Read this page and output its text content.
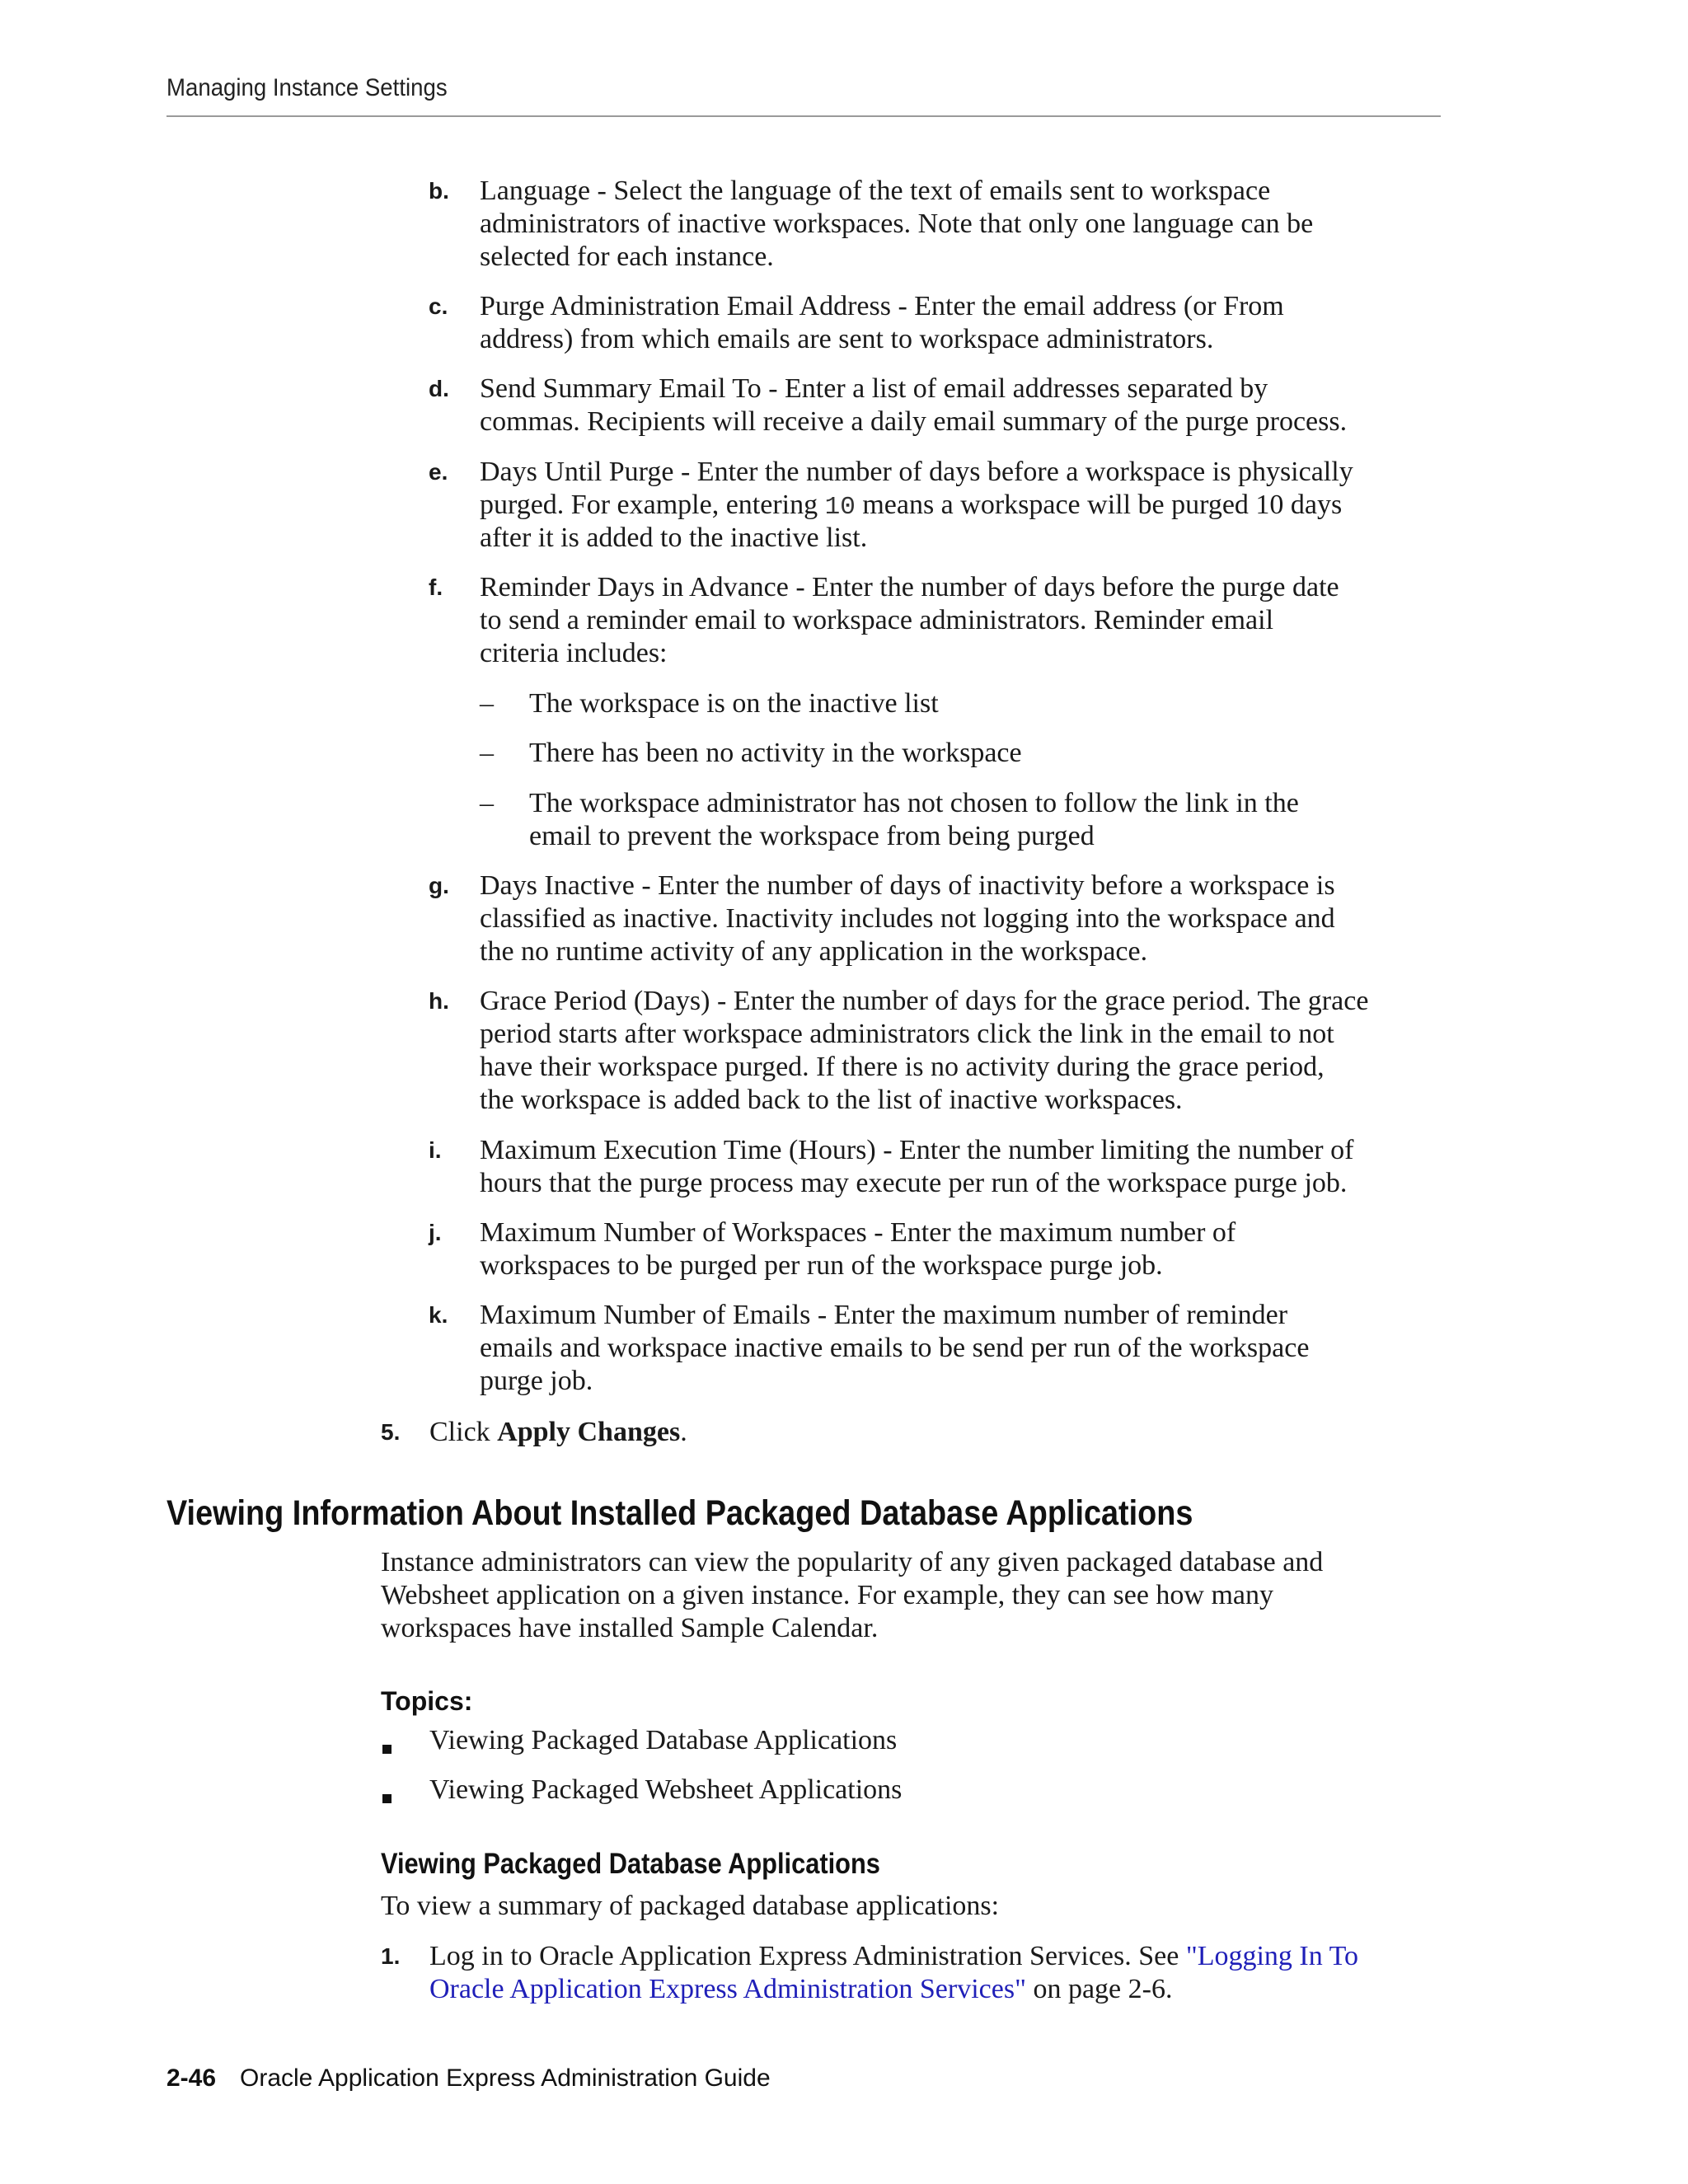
Managing Instance Settings
b. Language - Select the language of the text of emails sent to workspace
administrators of inactive workspaces. Note that only one language can be
selected for each instance.
c. Purge Administration Email Address - Enter the email address (or From
address) from which emails are sent to workspace administrators.
d. Send Summary Email To - Enter a list of email addresses separated by
commas. Recipients will receive a daily email summary of the purge process.
e. Days Until Purge - Enter the number of days before a workspace is physically
purged. For example, entering 10 means a workspace will be purged 10 days
after it is added to the inactive list.
f. Reminder Days in Advance - Enter the number of days before the purge date
to send a reminder email to workspace administrators. Reminder email
criteria includes:
– The workspace is on the inactive list
– There has been no activity in the workspace
– The workspace administrator has not chosen to follow the link in the
email to prevent the workspace from being purged
g. Days Inactive - Enter the number of days of inactivity before a workspace is
classified as inactive. Inactivity includes not logging into the workspace and
the no runtime activity of any application in the workspace.
h. Grace Period (Days) - Enter the number of days for the grace period. The grace
period starts after workspace administrators click the link in the email to not
have their workspace purged. If there is no activity during the grace period,
the workspace is added back to the list of inactive workspaces.
i. Maximum Execution Time (Hours) - Enter the number limiting the number of
hours that the purge process may execute per run of the workspace purge job.
j. Maximum Number of Workspaces - Enter the maximum number of
workspaces to be purged per run of the workspace purge job.
k. Maximum Number of Emails - Enter the maximum number of reminder
emails and workspace inactive emails to be send per run of the workspace
purge job.
5. Click Apply Changes.
Viewing Information About Installed Packaged Database Applications
Instance administrators can view the popularity of any given packaged database and
Websheet application on a given instance. For example, they can see how many
workspaces have installed Sample Calendar.
Topics:
Viewing Packaged Database Applications
Viewing Packaged Websheet Applications
Viewing Packaged Database Applications
To view a summary of packaged database applications:
1. Log in to Oracle Application Express Administration Services. See "Logging In To
Oracle Application Express Administration Services" on page 2-6.
2-46 Oracle Application Express Administration Guide
